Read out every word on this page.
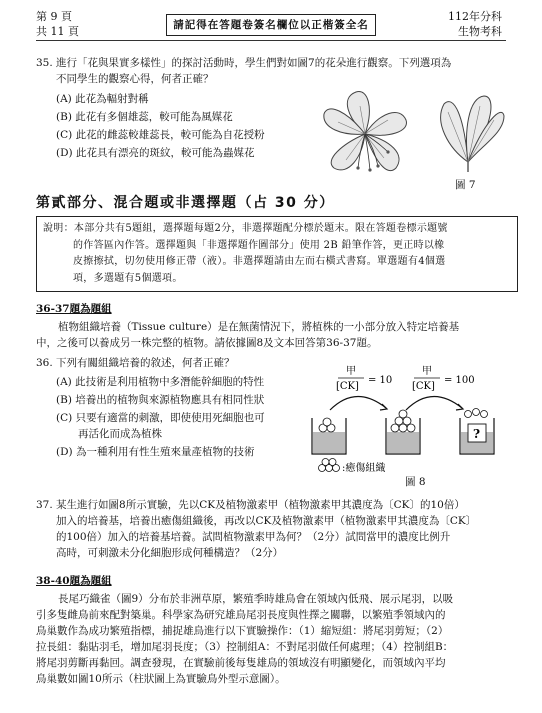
第 9 頁
共 11 頁	請記得在答題卷簽名欄位以正楷簽全名
112年分科
生物考科
35. 進行「花與果實多樣性」的探討活動時，學生們對如圖7的花朵進行觀察。下列選項為
不同學生的觀察心得，何者正確？
(A) 此花為輻射對稱
(B) 此花有多個雄蕊，較可能為風媒花
(C) 此花的雌蕊較雄蕊長，較可能為自花授粉
(D) 此花具有漂亮的斑紋，較可能為蟲媒花
圖 7
第貳部分、混合題或非選擇題（占 30 分）
說明：本部分共有5題組，選擇題每題2分，非選擇題配分標於題末。限在答題卷標示題號
的作答區內作答。選擇題與「非選擇題作圖部分」使用 2B 鉛筆作答，更正時以橡
皮擦擦拭，切勿使用修正帶（液）。非選擇題請由左而右橫式書寫。單選題有4個選
項，多選題有5個選項。
36-37題為題組
植物組織培養（Tissue culture）是在無菌情況下，將植株的一小部分放入特定培養基
中，之後可以養成另一株完整的植物。請依據圖8及文本回答第36-37題。
36. 下列有關組織培養的敘述，何者正確？
(A) 此技術是利用植物中多潛能幹細胞的特性
(B) 培養出的植物與來源植物應具有相同性狀
(C) 只要有適當的刺激，即使使用死細胞也可
再活化而成為植株
(D) 為一種利用有性生殖來量產植物的技術
甲
[CK]
= 10
甲
[CK]
= 100
?
:癒傷組織
圖 8
37. 某生進行如圖8所示實驗，先以CK及植物激素甲（植物激素甲其濃度為〔CK〕的10倍）
加入的培養基，培養出癒傷組織後，再改以CK及植物激素甲（植物激素甲其濃度為〔CK〕
的100倍）加入的培養基培養。試問植物激素甲為何？（2分）試問當甲的濃度比例升
高時，可刺激未分化細胞形成何種構造？（2分）
38-40題為題組
長尾巧織雀（圖9）分布於非洲草原，繁殖季時雄鳥會在領域內低飛、展示尾羽，以吸
引多隻雌鳥前來配對築巢。科學家為研究雄鳥尾羽長度與性擇之關聯，以繁殖季領域內的
鳥巢數作為成功繁殖指標，捕捉雄鳥進行以下實驗操作：（1）縮短組：將尾羽剪短；（2）
拉長組：黏貼羽毛，增加尾羽長度；（3）控制組A：不對尾羽做任何處理；（4）控制組B：
將尾羽剪斷再黏回。調查發現，在實驗前後每隻雄鳥的領域沒有明顯變化，而領域內平均
鳥巢數如圖10所示（柱狀圖上為實驗鳥外型示意圖）。
